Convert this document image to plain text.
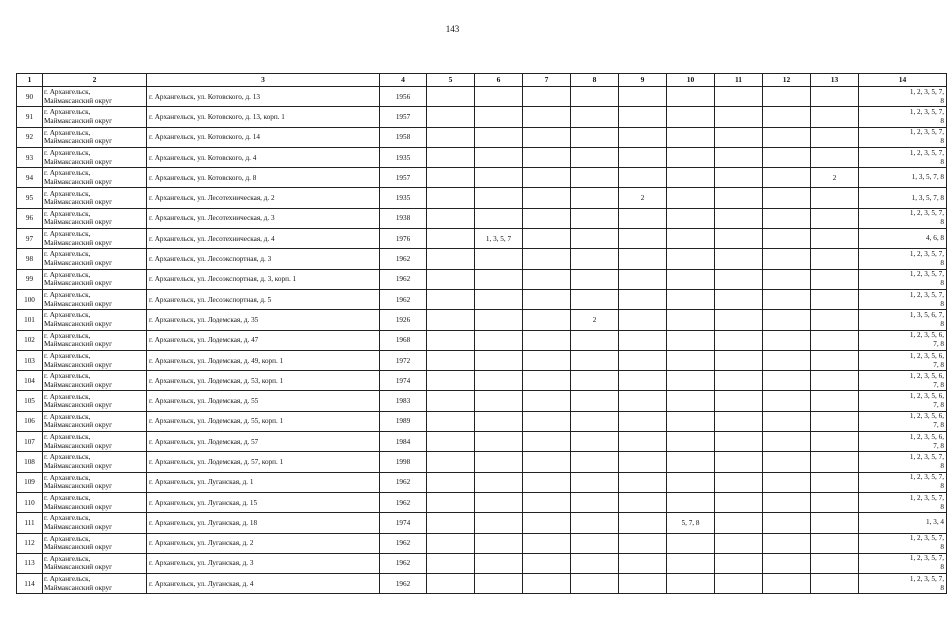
143
1	2	3	4	5	6	7	8	9	10	11	12	13	14
90	г. Архангельск,
Маймаксанский округ	г. Архангельск, ул. Котовского, д. 13	1956										1, 2, 3, 5, 7,
8
91	г. Архангельск,
Маймаксанский округ	г. Архангельск, ул. Котовского, д. 13, корп. 1	1957										1, 2, 3, 5, 7,
8
92	г. Архангельск,
Маймаксанский округ	г. Архангельск, ул. Котовского, д. 14	1958										1, 2, 3, 5, 7,
8
93	г. Архангельск,
Маймаксанский округ	г. Архангельск, ул. Котовского, д. 4	1935										1, 2, 3, 5, 7,
8
94	г. Архангельск,
Маймаксанский округ	г. Архангельск, ул. Котовского, д. 8	1957									2	1, 3, 5, 7, 8
95	г. Архангельск,
Маймаксанский округ	г. Архангельск, ул. Лесотехническая, д. 2	1935					2					1, 3, 5, 7, 8
96	г. Архангельск,
Маймаксанский округ	г. Архангельск, ул. Лесотехническая, д. 3	1938										1, 2, 3, 5, 7,
8
97	г. Архангельск,
Маймаксанский округ	г. Архангельск, ул. Лесотехническая, д. 4	1976		1, 3, 5, 7								4, 6, 8
98	г. Архангельск,
Маймаксанский округ	г. Архангельск, ул. Лесоэкспортная, д. 3	1962										1, 2, 3, 5, 7,
8
99	г. Архангельск,
Маймаксанский округ	г. Архангельск, ул. Лесоэкспортная, д. 3, корп. 1	1962										1, 2, 3, 5, 7,
8
100	г. Архангельск,
Маймаксанский округ	г. Архангельск, ул. Лесоэкспортная, д. 5	1962										1, 2, 3, 5, 7,
8
101	г. Архангельск,
Маймаксанский округ	г. Архангельск, ул. Лодемская, д. 35	1926				2						1, 3, 5, 6, 7,
8
102	г. Архангельск,
Маймаксанский округ	г. Архангельск, ул. Лодемская, д. 47	1968										1, 2, 3, 5, 6,
7, 8
103	г. Архангельск,
Маймаксанский округ	г. Архангельск, ул. Лодемская, д. 49, корп. 1	1972										1, 2, 3, 5, 6,
7, 8
104	г. Архангельск,
Маймаксанский округ	г. Архангельск, ул. Лодемская, д. 53, корп. 1	1974										1, 2, 3, 5, 6,
7, 8
105	г. Архангельск,
Маймаксанский округ	г. Архангельск, ул. Лодемская, д. 55	1983										1, 2, 3, 5, 6,
7, 8
106	г. Архангельск,
Маймаксанский округ	г. Архангельск, ул. Лодемская, д. 55, корп. 1	1989										1, 2, 3, 5, 6,
7, 8
107	г. Архангельск,
Маймаксанский округ	г. Архангельск, ул. Лодемская, д. 57	1984										1, 2, 3, 5, 6,
7, 8
108	г. Архангельск,
Маймаксанский округ	г. Архангельск, ул. Лодемская, д. 57, корп. 1	1998										1, 2, 3, 5, 7,
8
109	г. Архангельск,
Маймаксанский округ	г. Архангельск, ул. Луганская, д. 1	1962										1, 2, 3, 5, 7,
8
110	г. Архангельск,
Маймаксанский округ	г. Архангельск, ул. Луганская, д. 15	1962										1, 2, 3, 5, 7,
8
111	г. Архангельск,
Маймаксанский округ	г. Архангельск, ул. Луганская, д. 18	1974						5, 7, 8				1, 3, 4
112	г. Архангельск,
Маймаксанский округ	г. Архангельск, ул. Луганская, д. 2	1962										1, 2, 3, 5, 7,
8
113	г. Архангельск,
Маймаксанский округ	г. Архангельск, ул. Луганская, д. 3	1962										1, 2, 3, 5, 7,
8
114	г. Архангельск,
Маймаксанский округ	г. Архангельск, ул. Луганская, д. 4	1962										1, 2, 3, 5, 7,
8
